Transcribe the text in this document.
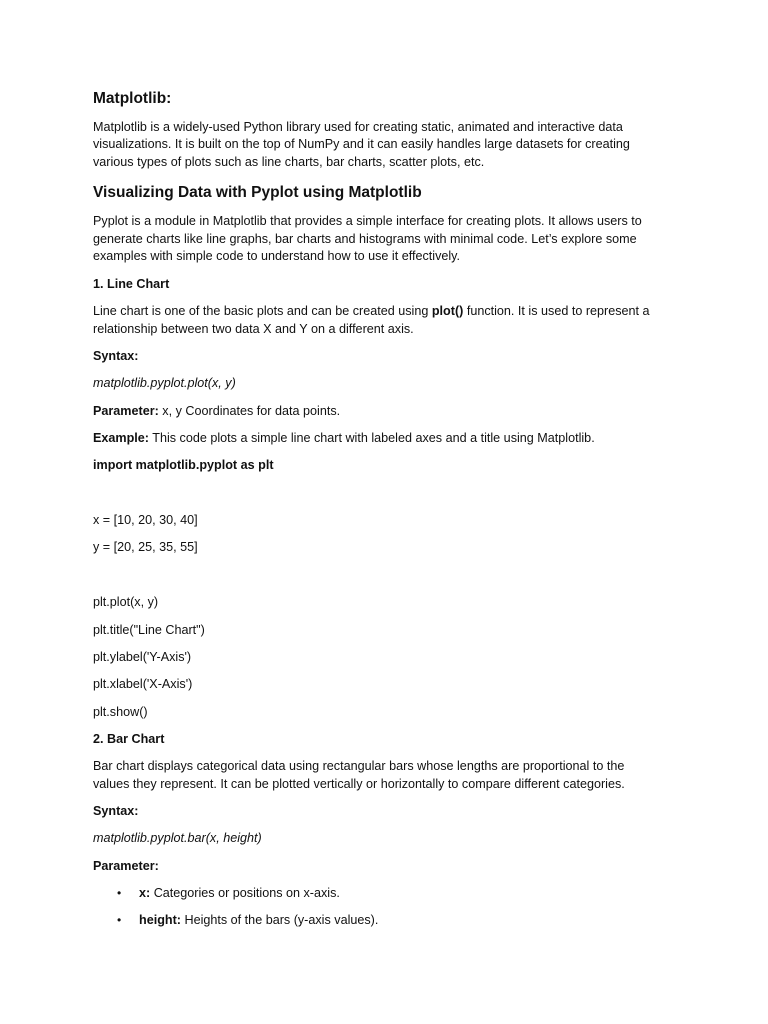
Matplotlib:
Matplotlib is a widely-used Python library used for creating static, animated and interactive data
visualizations. It is built on the top of NumPy and it can easily handles large datasets for creating
various types of plots such as line charts, bar charts, scatter plots, etc.
Visualizing Data with Pyplot using Matplotlib
Pyplot is a module in Matplotlib that provides a simple interface for creating plots. It allows users to
generate charts like line graphs, bar charts and histograms with minimal code. Let’s explore some
examples with simple code to understand how to use it effectively.
1. Line Chart
Line chart is one of the basic plots and can be created using plot() function. It is used to represent a
relationship between two data X and Y on a different axis.
Syntax:
matplotlib.pyplot.plot(x, y)
Parameter: x, y Coordinates for data points.
Example: This code plots a simple line chart with labeled axes and a title using Matplotlib.
import matplotlib.pyplot as plt
x = [10, 20, 30, 40]
y = [20, 25, 35, 55]
plt.plot(x, y)
plt.title("Line Chart")
plt.ylabel('Y-Axis')
plt.xlabel('X-Axis')
plt.show()
2. Bar Chart
Bar chart displays categorical data using rectangular bars whose lengths are proportional to the
values they represent. It can be plotted vertically or horizontally to compare different categories.
Syntax:
matplotlib.pyplot.bar(x, height)
Parameter:
• x: Categories or positions on x-axis.
• height: Heights of the bars (y-axis values).
